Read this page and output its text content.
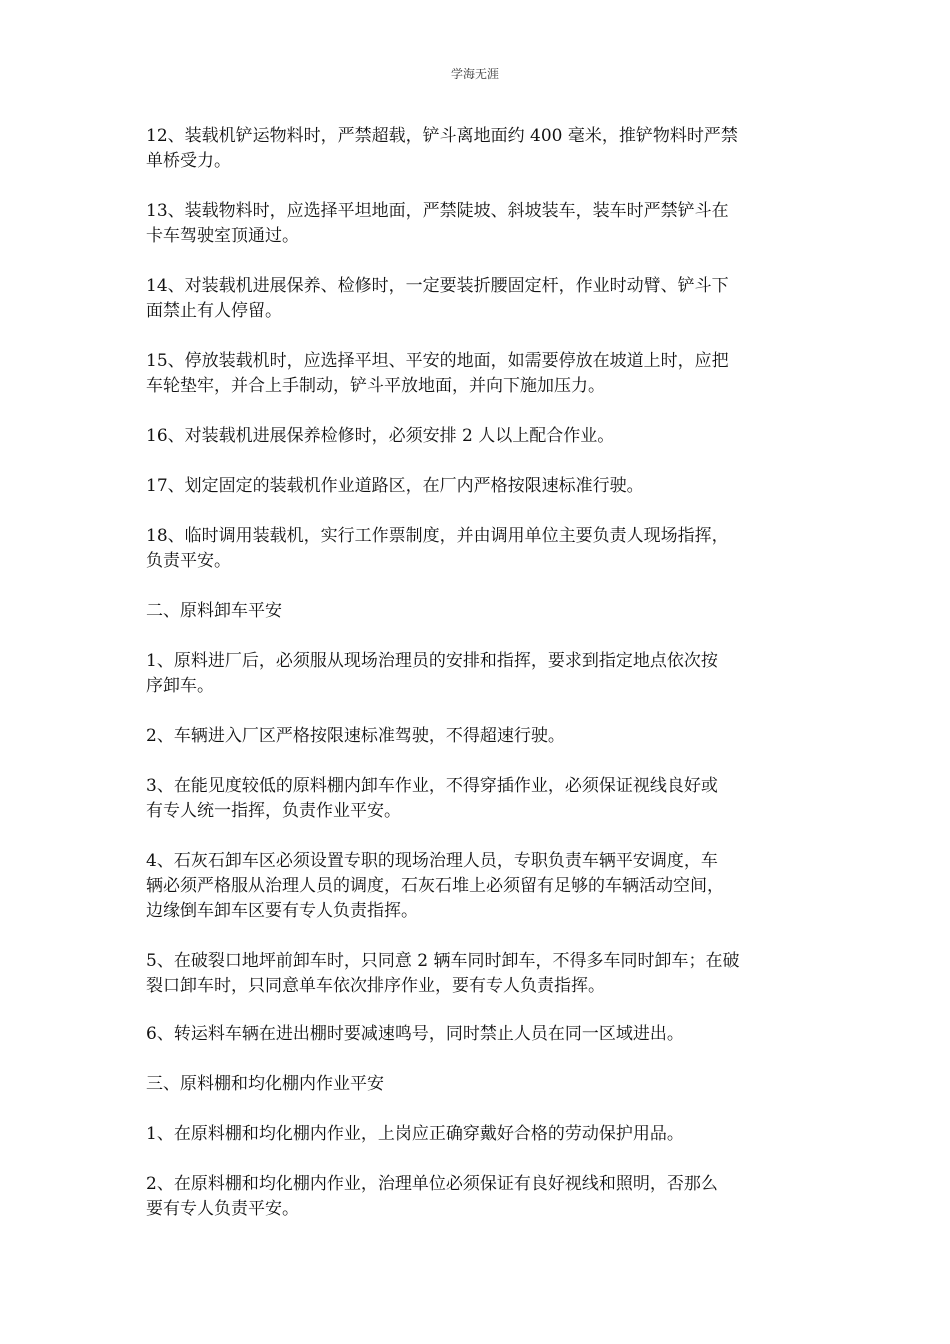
学海无涯
12、装载机铲运物料时，严禁超载，铲斗离地面约 400 毫米，推铲物料时严禁
单桥受力。
13、装载物料时，应选择平坦地面，严禁陡坡、斜坡装车，装车时严禁铲斗在
卡车驾驶室顶通过。
14、对装载机进展保养、检修时，一定要装折腰固定杆，作业时动臂、铲斗下
面禁止有人停留。
15、停放装载机时，应选择平坦、平安的地面，如需要停放在坡道上时，应把
车轮垫牢，并合上手制动，铲斗平放地面，并向下施加压力。
16、对装载机进展保养检修时，必须安排 2 人以上配合作业。
17、划定固定的装载机作业道路区，在厂内严格按限速标准行驶。
18、临时调用装载机，实行工作票制度，并由调用单位主要负责人现场指挥，
负责平安。
二、原料卸车平安
1、原料进厂后，必须服从现场治理员的安排和指挥，要求到指定地点依次按
序卸车。
2、车辆进入厂区严格按限速标准驾驶，不得超速行驶。
3、在能见度较低的原料棚内卸车作业，不得穿插作业，必须保证视线良好或
有专人统一指挥，负责作业平安。
4、石灰石卸车区必须设置专职的现场治理人员，专职负责车辆平安调度，车
辆必须严格服从治理人员的调度，石灰石堆上必须留有足够的车辆活动空间，
边缘倒车卸车区要有专人负责指挥。
5、在破裂口地坪前卸车时，只同意 2 辆车同时卸车，不得多车同时卸车；在破
裂口卸车时，只同意单车依次排序作业，要有专人负责指挥。
6、转运料车辆在进出棚时要减速鸣号，同时禁止人员在同一区域进出。
三、原料棚和均化棚内作业平安
1、在原料棚和均化棚内作业，上岗应正确穿戴好合格的劳动保护用品。
2、在原料棚和均化棚内作业，治理单位必须保证有良好视线和照明，否那么
要有专人负责平安。
